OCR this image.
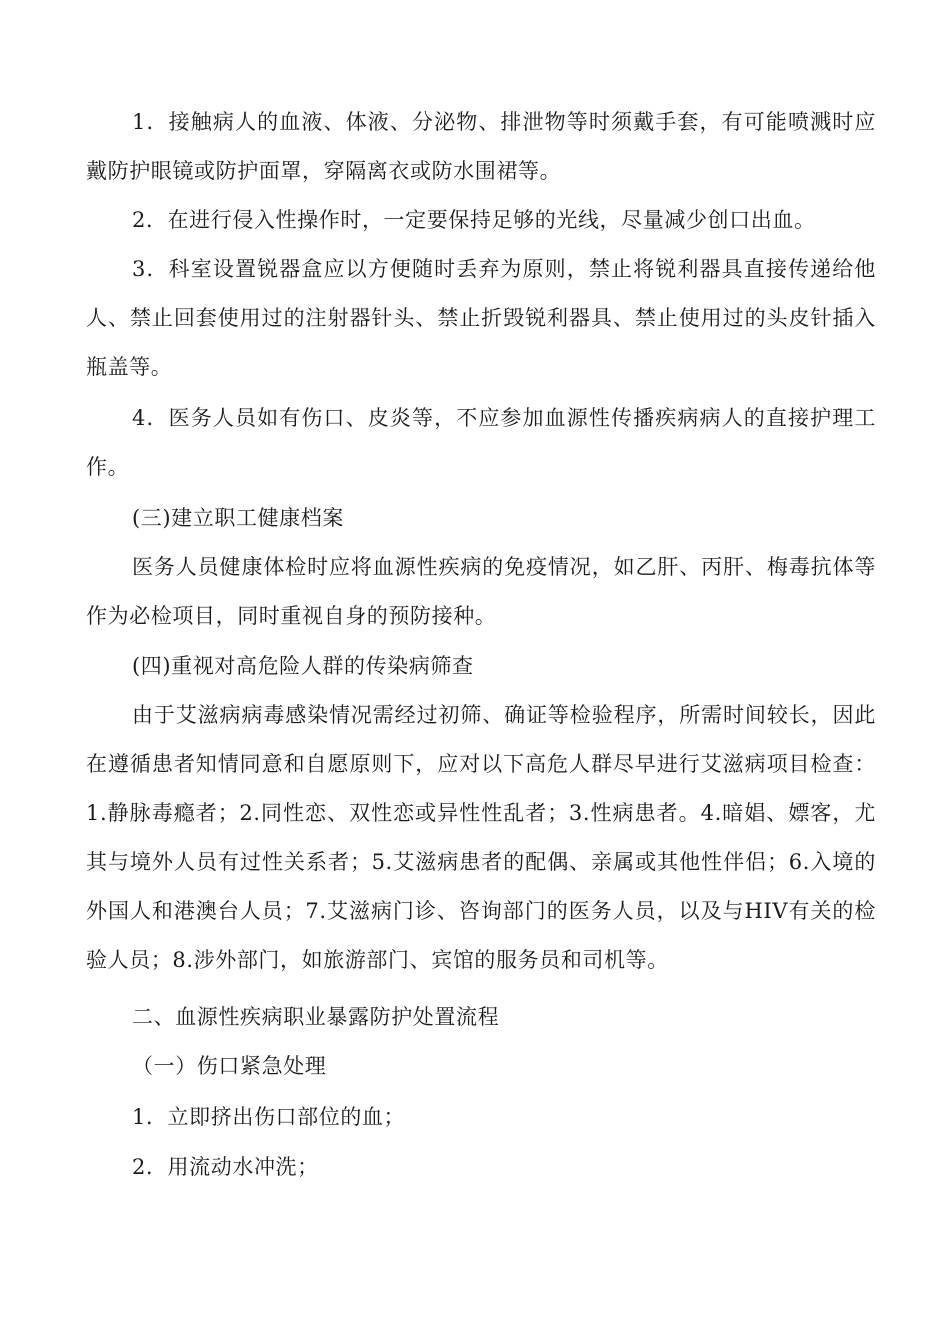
1．接触病人的血液、体液、分泌物、排泄物等时须戴手套，有可能喷溅时应戴防护眼镜或防护面罩，穿隔离衣或防水围裙等。

2．在进行侵入性操作时，一定要保持足够的光线，尽量减少创口出血。

3．科室设置锐器盒应以方便随时丢弃为原则，禁止将锐利器具直接传递给他人、禁止回套使用过的注射器针头、禁止折毁锐利器具、禁止使用过的头皮针插入瓶盖等。

4．医务人员如有伤口、皮炎等，不应参加血源性传播疾病病人的直接护理工作。

(三)建立职工健康档案

医务人员健康体检时应将血源性疾病的免疫情况，如乙肝、丙肝、梅毒抗体等作为必检项目，同时重视自身的预防接种。

(四)重视对高危险人群的传染病筛查

由于艾滋病病毒感染情况需经过初筛、确证等检验程序，所需时间较长，因此在遵循患者知情同意和自愿原则下，应对以下高危人群尽早进行艾滋病项目检查：1.静脉毒瘾者；2.同性恋、双性恋或异性性乱者；3.性病患者。4.暗娼、嫖客，尤其与境外人员有过性关系者；5.艾滋病患者的配偶、亲属或其他性伴侣；6.入境的外国人和港澳台人员；7.艾滋病门诊、咨询部门的医务人员，以及与HIV有关的检验人员；8.涉外部门，如旅游部门、宾馆的服务员和司机等。

二、血源性疾病职业暴露防护处置流程

（一）伤口紧急处理

1．立即挤出伤口部位的血；

2．用流动水冲洗；
